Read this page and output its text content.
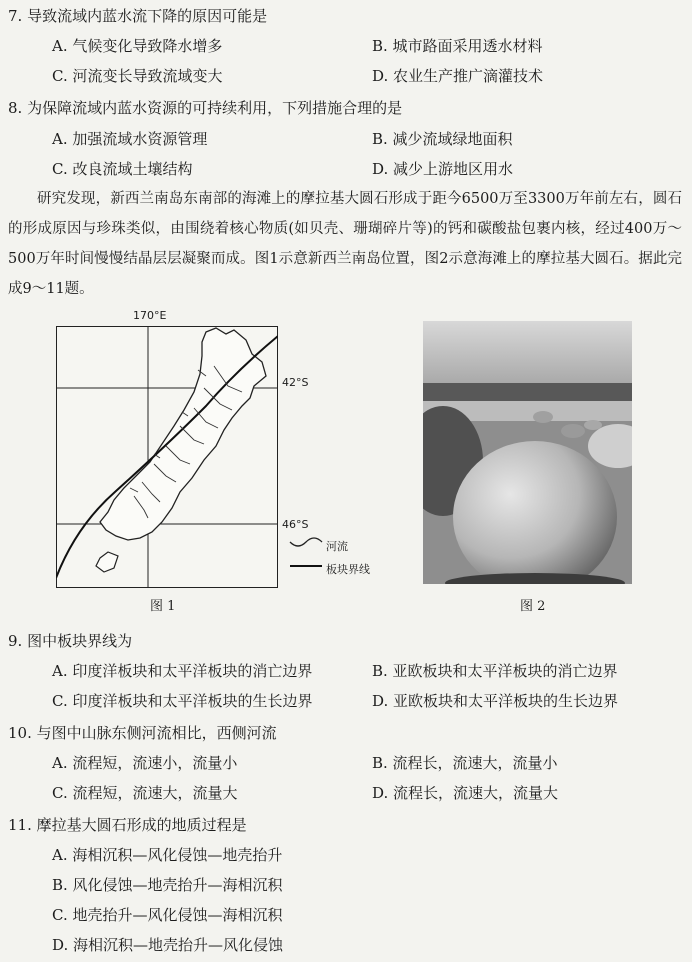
7. 导致流域内蓝水流下降的原因可能是
A. 气候变化导致降水增多	B. 城市路面采用透水材料
C. 河流变长导致流域变大	D. 农业生产推广滴灌技术
8. 为保障流域内蓝水资源的可持续利用，下列措施合理的是
A. 加强流域水资源管理	B. 减少流域绿地面积
C. 改良流域土壤结构	D. 减少上游地区用水

研究发现，新西兰南岛东南部的海滩上的摩拉基大圆石形成于距今6500万至3300万年前左右，圆石的形成原因与珍珠类似，由围绕着核心物质(如贝壳、珊瑚碎片等)的钙和碳酸盐包裹内核，经过400万～500万年时间慢慢结晶层层凝聚而成。图1示意新西兰南岛位置，图2示意海滩上的摩拉基大圆石。据此完成9～11题。

170°E
42°S
46°S
河流
板块界线
图 1	图 2
9. 图中板块界线为
A. 印度洋板块和太平洋板块的消亡边界	B. 亚欧板块和太平洋板块的消亡边界
C. 印度洋板块和太平洋板块的生长边界	D. 亚欧板块和太平洋板块的生长边界
10. 与图中山脉东侧河流相比，西侧河流
A. 流程短，流速小，流量小	B. 流程长，流速大，流量小
C. 流程短，流速大，流量大	D. 流程长，流速大，流量大
11. 摩拉基大圆石形成的地质过程是
A. 海相沉积—风化侵蚀—地壳抬升
B. 风化侵蚀—地壳抬升—海相沉积
C. 地壳抬升—风化侵蚀—海相沉积
D. 海相沉积—地壳抬升—风化侵蚀
